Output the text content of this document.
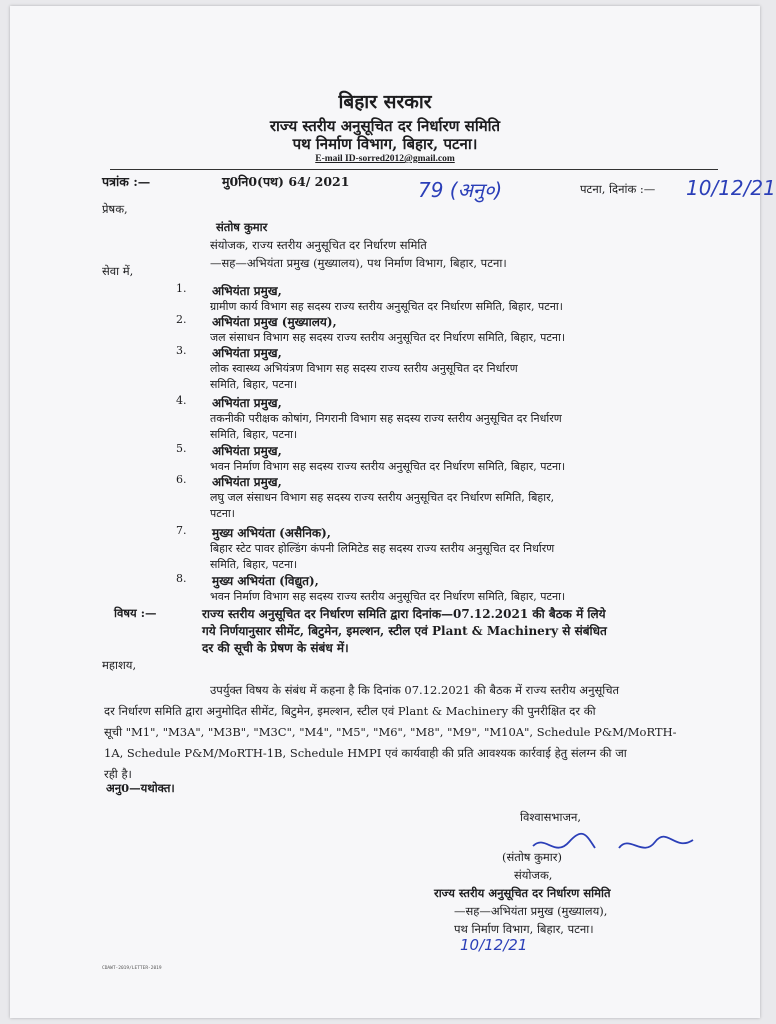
बिहार सरकार
राज्य स्तरीय अनुसूचित दर निर्धारण समिति
पथ निर्माण विभाग, बिहार, पटना।
E-mail ID-sorred2012@gmail.com
पत्रांक :—	मु0नि0(पथ) 64/ 2021	79 (अनु०)	पटना, दिनांक :— 10/12/21
प्रेषक,
संतोष कुमार
संयोजक, राज्य स्तरीय अनुसूचित दर निर्धारण समिति
—सह—अभियंता प्रमुख (मुख्यालय), पथ निर्माण विभाग, बिहार, पटना।
सेवा में,
1. अभियंता प्रमुख,
ग्रामीण कार्य विभाग सह सदस्य राज्य स्तरीय अनुसूचित दर निर्धारण समिति, बिहार, पटना।
2. अभियंता प्रमुख (मुख्यालय),
जल संसाधन विभाग सह सदस्य राज्य स्तरीय अनुसूचित दर निर्धारण समिति, बिहार, पटना।
3. अभियंता प्रमुख,
लोक स्वास्थ्य अभियंत्रण विभाग सह सदस्य राज्य स्तरीय अनुसूचित दर निर्धारण
समिति, बिहार, पटना।
4. अभियंता प्रमुख,
तकनीकी परीक्षक कोषांग, निगरानी विभाग सह सदस्य राज्य स्तरीय अनुसूचित दर निर्धारण
समिति, बिहार, पटना।
5. अभियंता प्रमुख,
भवन निर्माण विभाग सह सदस्य राज्य स्तरीय अनुसूचित दर निर्धारण समिति, बिहार, पटना।
6. अभियंता प्रमुख,
लघु जल संसाधन विभाग सह सदस्य राज्य स्तरीय अनुसूचित दर निर्धारण समिति, बिहार,
पटना।
7. मुख्य अभियंता (असैनिक),
बिहार स्टेट पावर होल्डिंग कंपनी लिमिटेड सह सदस्य राज्य स्तरीय अनुसूचित दर निर्धारण
समिति, बिहार, पटना।
8. मुख्य अभियंता (विद्युत),
भवन निर्माण विभाग सह सदस्य राज्य स्तरीय अनुसूचित दर निर्धारण समिति, बिहार, पटना।
विषय :—	राज्य स्तरीय अनुसूचित दर निर्धारण समिति द्वारा दिनांक—07.12.2021 की बैठक में लिये
गये निर्णयानुसार सीमेंट, बिटुमेन, इमल्शन, स्टील एवं Plant & Machinery से संबंधित
दर की सूची के प्रेषण के संबंध में।
महाशय,
उपर्युक्त विषय के संबंध में कहना है कि दिनांक 07.12.2021 की बैठक में राज्य स्तरीय अनुसूचित
दर निर्धारण समिति द्वारा अनुमोदित सीमेंट, बिटुमेन, इमल्शन, स्टील एवं Plant & Machinery की पुनरीक्षित दर की
सूची "M1", "M3A", "M3B", "M3C", "M4", "M5", "M6", "M8", "M9", "M10A", Schedule P&M/MoRTH-
1A, Schedule P&M/MoRTH-1B, Schedule HMPI एवं कार्यवाही की प्रति आवश्यक कार्रवाई हेतु संलग्न की जा
रही है।
अनु0—यथोक्त।
विश्वासभाजन,
(संतोष कुमार)
संयोजक,
राज्य स्तरीय अनुसूचित दर निर्धारण समिति
—सह—अभियंता प्रमुख (मुख्यालय),
पथ निर्माण विभाग, बिहार, पटना।
10/12/21
CDAWT-2019/LETTER-2019
